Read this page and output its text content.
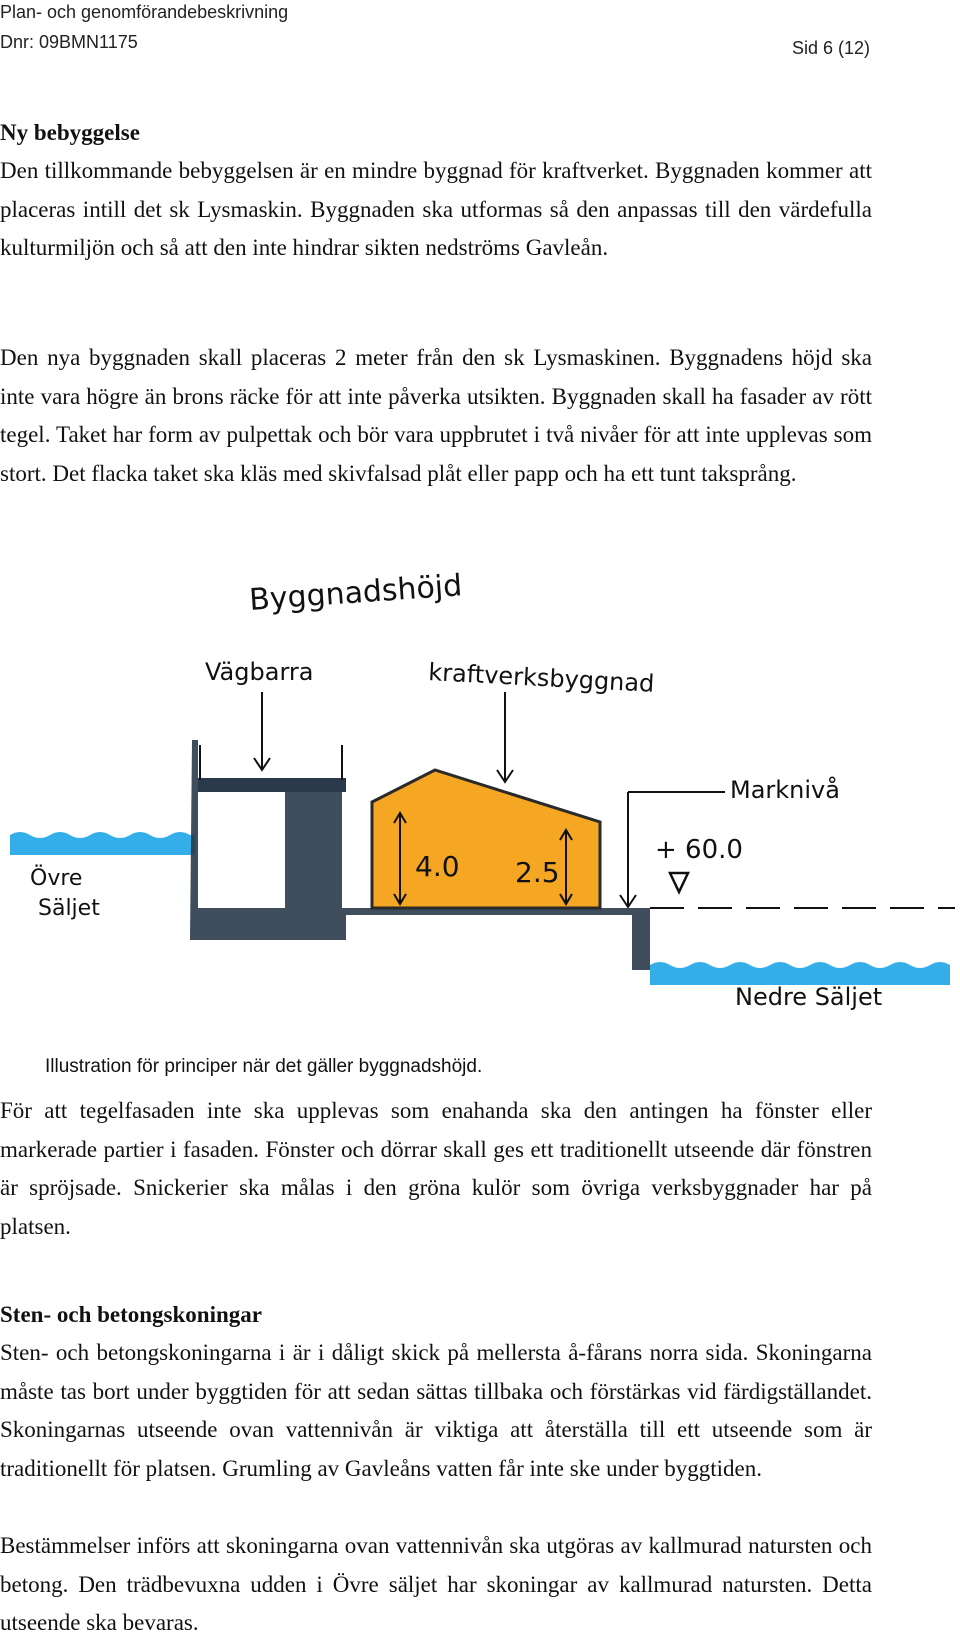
Plan- och genomförandebeskrivning
Dnr: 09BMN1175	Sid 6 (12)
Ny bebyggelse

Den tillkommande bebyggelsen är en mindre byggnad för kraftverket. Byggnaden kommer att placeras intill det sk Lysmaskin. Byggnaden ska utformas så den anpassas till den värdefulla kulturmiljön och så att den inte hindrar sikten nedströms Gavleån.

Den nya byggnaden skall placeras 2 meter från den sk Lysmaskinen. Byggnadens höjd ska inte vara högre än brons räcke för att inte påverka utsikten. Byggnaden skall ha fasader av rött tegel. Taket har form av pulpettak och bör vara uppbrutet i två nivåer för att inte upplevas som stort. Det flacka taket ska kläs med skivfalsad plåt eller papp och ha ett tunt taksprång.

Byggnadshöjd
Vägbarra	kraftverksbyggnad
Marknivå
+ 60.0
Övre
Säljet
4.0 2.5
Nedre Säljet
Illustration för principer när det gäller byggnadshöjd.

För att tegelfasaden inte ska upplevas som enahanda ska den antingen ha fönster eller markerade partier i fasaden. Fönster och dörrar skall ges ett traditionellt utseende där fönstren är spröjsade. Snickerier ska målas i den gröna kulör som övriga verksbyggnader har på platsen.

Sten- och betongskoningar

Sten- och betongskoningarna i är i dåligt skick på mellersta å-fårans norra sida. Skoningarna måste tas bort under byggtiden för att sedan sättas tillbaka och förstärkas vid färdigställandet. Skoningarnas utseende ovan vattennivån är viktiga att återställa till ett utseende som är traditionellt för platsen. Grumling av Gavleåns vatten får inte ske under byggtiden.

Bestämmelser införs att skoningarna ovan vattennivån ska utgöras av kallmurad natursten och betong. Den trädbevuxna udden i Övre säljet har skoningar av kallmurad natursten. Detta utseende ska bevaras.
